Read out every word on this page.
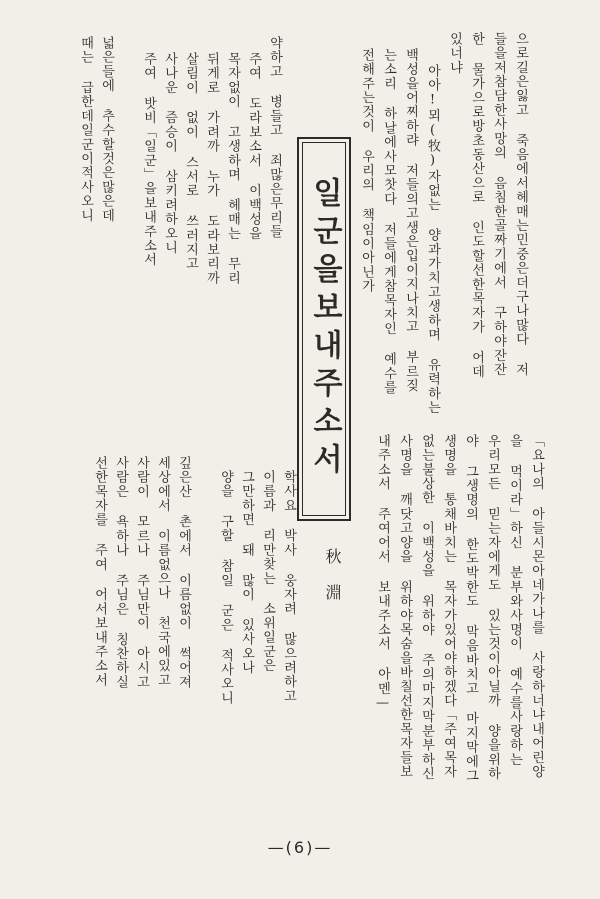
으로길은잃고 죽음에서헤매는민중은더구나많다 저
들을저참담한사망의 음침한골짜기에서 구하야잔잔
한 물가으로방초동산으로 인도할선한목자가 어데
있너냐
아아!뫼(牧)자없는 양과가치고생하며 유력하는
백성을어찌하랴 저들의고생은입이지나치고 부르짖
는소리 하날에사모찻다 저들에게참목자인 예수를
전해주는것이 우리의 책임이아닌가
일군을보내주소서
秋淵
약하고 병들고 죄많은무리들
주여 도라보소서 이백성을
목자없이 고생하며 헤매는 무리
뒤게로 가려까 누가 도라보리까
살림이 없이 스서로 쓰러지고
사나운 즘승이 삼키려하오니
주여 밧비「일군」을보내주소서
넓은들에 추수할것은많은데
때는 급한데일군이적사오니
「요나의 아들시몬아네가나를 사랑하너냐내어린양
을 먹이라」하신 분부와사명이 예수를사랑하는
우리모든 믿는자에게도 있는것이아닐까 양을위하
야 그생명의 한도박한도 막음바치고 마지막에그
생명을 통채바치는 목자가있어야하겠다「주여목자
없는불상한 이백성을 위하야 주의마지막분부하신
사명을 깨닷고양을 위하야목숨을바칠선한목자들보
내주소서 주여어서 보내주소서 아멘—
학사요 박사 웅자려 많으려하고
이름과 리만찾는 소위일군은
그만하면 돼 많이 있사오나
양을 구할 참일 군은 적사오니
깊은산 촌에서 이름없이 썩어져
세상에서 이름없으나 천국에있고
사람이 모르나 주님만이 아시고
사람은 욕하나 주님은 칭찬하실
선한목자를 주여 어서보내주소서
—(6)—
